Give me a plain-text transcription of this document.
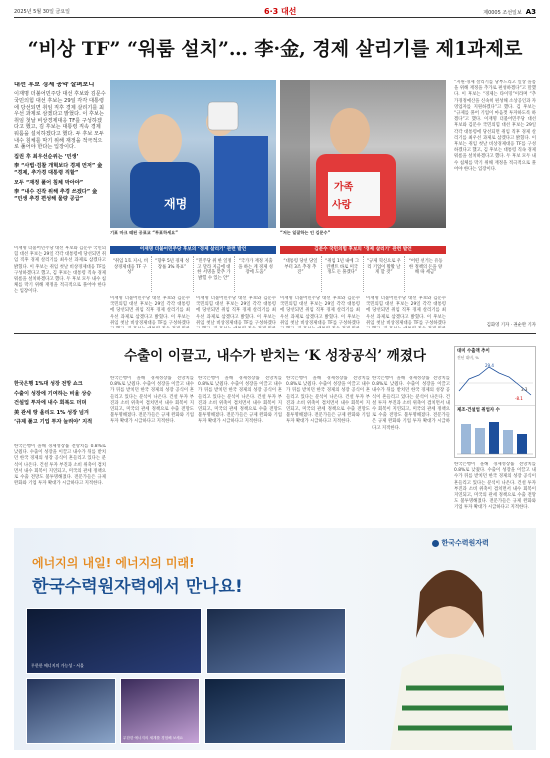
2025년 5월 30일 금요일	6·3 대선	제0005 조선일보 A3
“비상 TF” “워룸 설치”… 李·金, 경제 살리기를 제1과제로
대선 후보 경제 공약 살펴보니
이재명 더불어민주당 대선 후보와 김문수 국민의힘 대선 후보는 29일 각각 대통령에 당선되면 취임 직후 경제 살리기를 최우선 과제로 삼겠다고 밝혔다. 이 후보는 취임 첫날 비상경제대응 TF를 구성하겠다고 했고, 김 후보는 대통령 직속 경제 워룸을 설치하겠다고 했다. 두 후보 모두 내수 침체를 막기 위해 재정을 적극적으로 풀어야 한다는 입장이다.
집권 후 최우선순위는 ‘민생’
李 “사법·검찰 개혁보다 경제 먼저” 金 “경제, 추가경 대통령 직할”
모두 “재정 풀어 침체 막아야”
李 “내수 진작 위해 추경 쓰겠다” 金 “민생 추경 편성해 물량 공급”	재명
가족
사랑
기표 마크 떼된 공표교 “투표하세요”	“저는 일잘하는 인 김문수”
이재명 더불어민주당 후보의 ‘경제 살리기’ 관련 발언	김문수 국민의힘 후보의 ‘경제 살리기’ 관련 발언
“취임 1호 지시, 비상경제대응 TF 구성”
“향후 5년 경제 성장률 3% 목표”
“민주당 위 한 일정 고 달라 지금에 대한 서명을 맞추 가 밝힐 수 있는 안”
“국가가 재정 지출을 하는 게 경제 성장에 도움”
“대통령 당선 당일부터 3조 추경 추진”
“취임 1년 내에 그린벨트 바로 미국 정도 돈 풀겠다”
“규제 혁신으로 우리 기업이 활활 날게 할 것”
“어떤 선거는 유동한 정책의 돈을 양해 따 세금”
이재명 더불어민주당 대선 후보와 김문수 국민의힘 대선 후보는 29일 각각 대통령에 당선되면 취임 직후 경제 살리기를 최우선 과제로 삼겠다고 밝혔다. 이 후보는 취임 첫날 비상경제대응 TF를 구성하겠다고 했고, 김 후보는 대통령 직속 경제 워룸을 설치하겠다고 했다. 두 후보 모두 내수 침체를 막기 위해 재정을 적극적으로 풀어야 한다는 입장이다.
이재명 더불어민주당 대선 후보와 김문수 국민의힘 대선 후보는 29일 각각 대통령에 당선되면 취임 직후 경제 살리기를 최우선 과제로 삼겠다고 밝혔다. 이 후보는 취임 첫날 비상경제대응 TF를 구성하겠다
이재명 더불어민주당 대선 후보와 김문수 국민의힘 대선 후보는 29일 각각 대통령에 당선되면 취임 직후 경제 살리기를 최우선 과제로 삼겠다고 밝혔다. 이 후보는 취임 첫날 비상경제대응 TF를 구성하겠다
이재명 더불어민주당 대선 후보와 김문수 국민의힘 대선 후보는 29일 각각 대통령에 당선되면 취임 직후 경제 살리기를 최우선 과제로 삼겠다고 밝혔다. 이 후보는 취임 첫날 비상경제대응 TF를 구성하겠다
이재명 더불어민주당 대선 후보와 김문수 국민의힘 대선 후보는 29일 각각 대통령에 당선되면 취임 직후 경제 살리기를 최우선 과제로 삼겠다고 밝혔다. 이 후보는 취임 첫날 비상경제대응 TF를 구성하겠다
“지원·경제 살리기를 당부드리고 일상 돌봄을 위해 재정을 추가로 편성하겠다”고 말했다. 이 후보는 “경제는 타이밍”이라며 “추가경정예산을 신속히 편성해 소상공인과 자영업자를 지원하겠다”고 했다. 김 후보는 “규제를 풀어 기업이 마음껏 투자하도록 하겠다”고 했다. 이재명 더불어민주당 대선 후보와 김문수 국민의힘 대선 후보는 29일 각각 대통령에 당선되면 취임 직후 경제 살리기를 최우선 과제로 삼겠다고 밝혔다. 이 후보는 취임 첫날 비상경제대응 TF를 구성하겠다고 했고, 김 후보는 대통령 직속 경제 워룸을 설치하겠다고 했다. 두 후보 모두 내수 침체를 막기 위해 재정을 적극적으로 풀어야 한다는 입장이다.
김화영 기자 · 권순완 기자
수출이 이끌고, 내수가 받치는 ‘K 성장공식’ 깨졌다
한국은행 1%대 성장 전망 쇼크
수출이 성장에 기여하는 비율 상승
건설업 투자에 내수 회복도 더뎌
美 관세 땅 올리도 1% 성장 넘겨
‘규제 풀고 기업 투자 늘려야’ 지적
한국은행이 올해 경제성장률 전망치를 0.8%로 낮췄다. 수출이 성장을 이끌고 내수가 뒤를 받치던 한국 경제의 성장 공식이 흔들리고 있다는 분석이 나온다. 건설 투자 부진과 소비 위축이 겹치면서 내수 회복이 지연되고, 미국의 관세 정책으로 수출 전망도 불투명해졌다. 전문가들은 규제 완화와 기업 투자 확대가 시급하다고 지적한다.
한국은행이 올해 경제성장률 전망치를 0.8%로 낮췄다. 수출이 성장을 이끌고 내수가 뒤를 받치던 한국 경제의 성장 공식이 흔들리고 있다는 분석이 나온다. 건설 투자 부진과 소비 위축이 겹치면서 내수 회복이 지연되고, 미국의 관세 정책으로 수출 전망도 불투명해졌다. 전문가들은 규제 완화와 기업 투자 확대가 시급하다고 지적한다.
한국은행이 올해 경제성장률 전망치를 0.8%로 낮췄다. 수출이 성장을 이끌고 내수가 뒤를 받치던 한국 경제의 성장 공식이 흔들리고 있다는 분석이 나온다. 건설 투자 부진과 소비 위축이 겹치면서 내수 회복이 지연되고, 미국의 관세 정책으로 수출 전망도 불투명해졌다. 전문가들은 규제 완화와 기업 투자 확대가 시급하다고 지적한다.
한국은행이 올해 경제성장률 전망치를 0.8%로 낮췄다. 수출이 성장을 이끌고 내수가 뒤를 받치던 한국 경제의 성장 공식이 흔들리고 있다는 분석이 나온다. 건설 투자 부진과 소비 위축이 겹치면서 내수 회복이 지연되고, 미국의 관세 정책으로 수출 전망도 불투명해졌다. 전문가들은 규제 완화와 기업 투자 확대가 시급하다고 지적한다.
한국은행이 올해 경제성장률 전망치를 0.8%로 낮췄다. 수출이 성장을 이끌고 내수가 뒤를 받치던 한국 경제의 성장 공식이 흔들리고 있다는 분석이 나온다. 건설 투자 부진과 소비 위축이 겹치면서 내수 회복이 지연되고, 미국의 관세 정책으로 수출 전망도 불투명해졌다. 전문가들은 규제 완화와 기업 투자 확대가 시급하다고 지적한다.
대미 수출액 추이
전년 대비, %
29.4
3.3
-8.1
제조·건설업 취업자 수
한국은행이 올해 경제성장률 전망치를 0.8%로 낮췄다. 수출이 성장을 이끌고 내수가 뒤를 받치던 한국 경제의 성장 공식이 흔들리고 있다는 분석이 나온다. 건설 투자 부진과 소비 위축이 겹치면서 내수 회복이 지연되고, 미국의 관세 정책으로 수출 전망도 불투명해졌다. 전문가들은 규제 완화와 기업 투자 확대가 시급하다고 지적한다.
에너지의 내일! 에너지의 미래!
한국수력원자력에서 만나요!
한국수력원자력
무한한 에너지의 가능성 - 서울
무한한 에너지의 세계를 경험해 보세요
